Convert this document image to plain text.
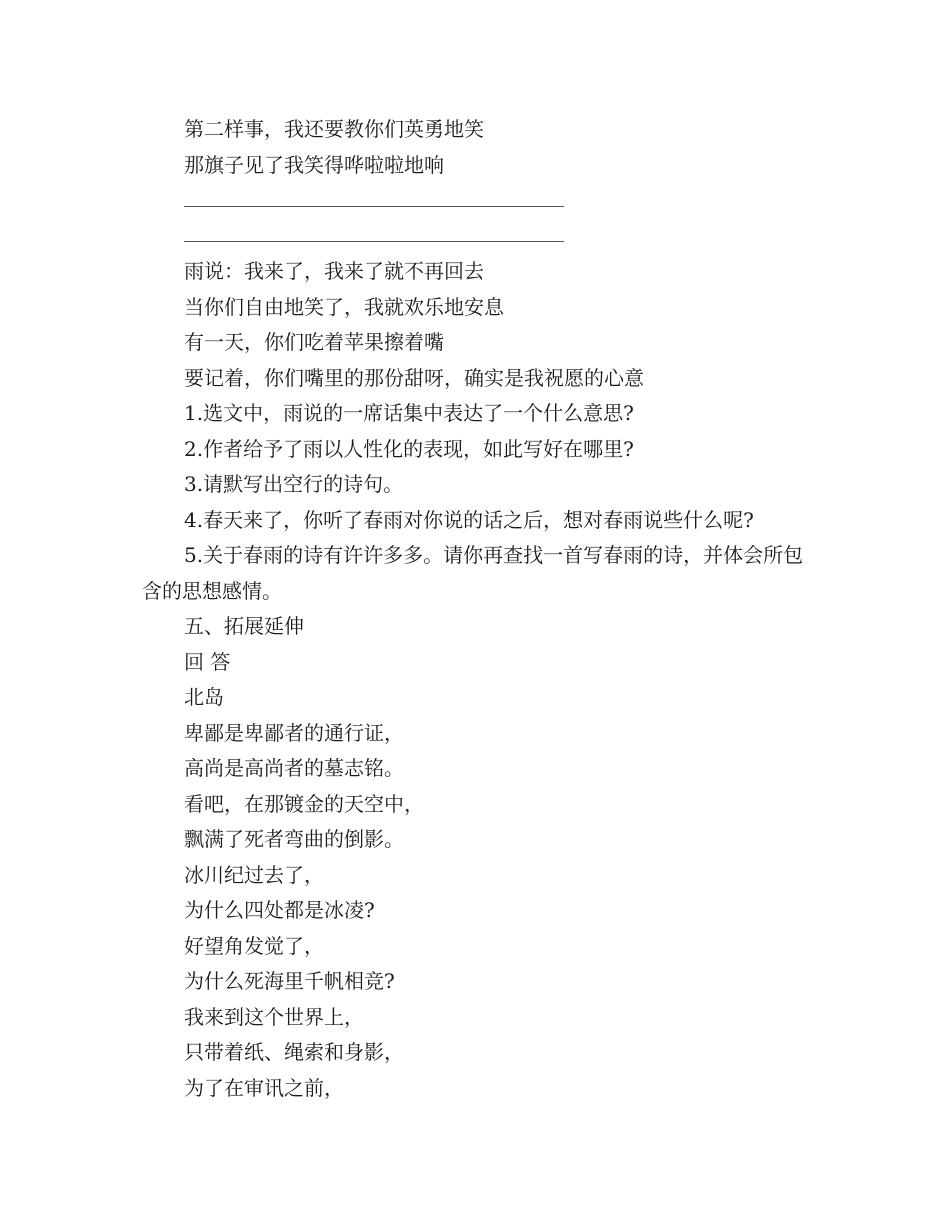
第二样事，我还要教你们英勇地笑
那旗子见了我笑得哗啦啦地响
雨说：我来了，我来了就不再回去
当你们自由地笑了，我就欢乐地安息
有一天，你们吃着苹果擦着嘴
要记着，你们嘴里的那份甜呀，确实是我祝愿的心意
1.选文中，雨说的一席话集中表达了一个什么意思?
2.作者给予了雨以人性化的表现，如此写好在哪里?
3.请默写出空行的诗句。
4.春天来了，你听了春雨对你说的话之后，想对春雨说些什么呢?
5.关于春雨的诗有许许多多。请你再查找一首写春雨的诗，并体会所包含的思想感情。
五、拓展延伸
回 答
北岛
卑鄙是卑鄙者的通行证，
高尚是高尚者的墓志铭。
看吧，在那镀金的天空中，
飘满了死者弯曲的倒影。
冰川纪过去了，
为什么四处都是冰凌?
好望角发觉了，
为什么死海里千帆相竞?
我来到这个世界上，
只带着纸、绳索和身影，
为了在审讯之前，
